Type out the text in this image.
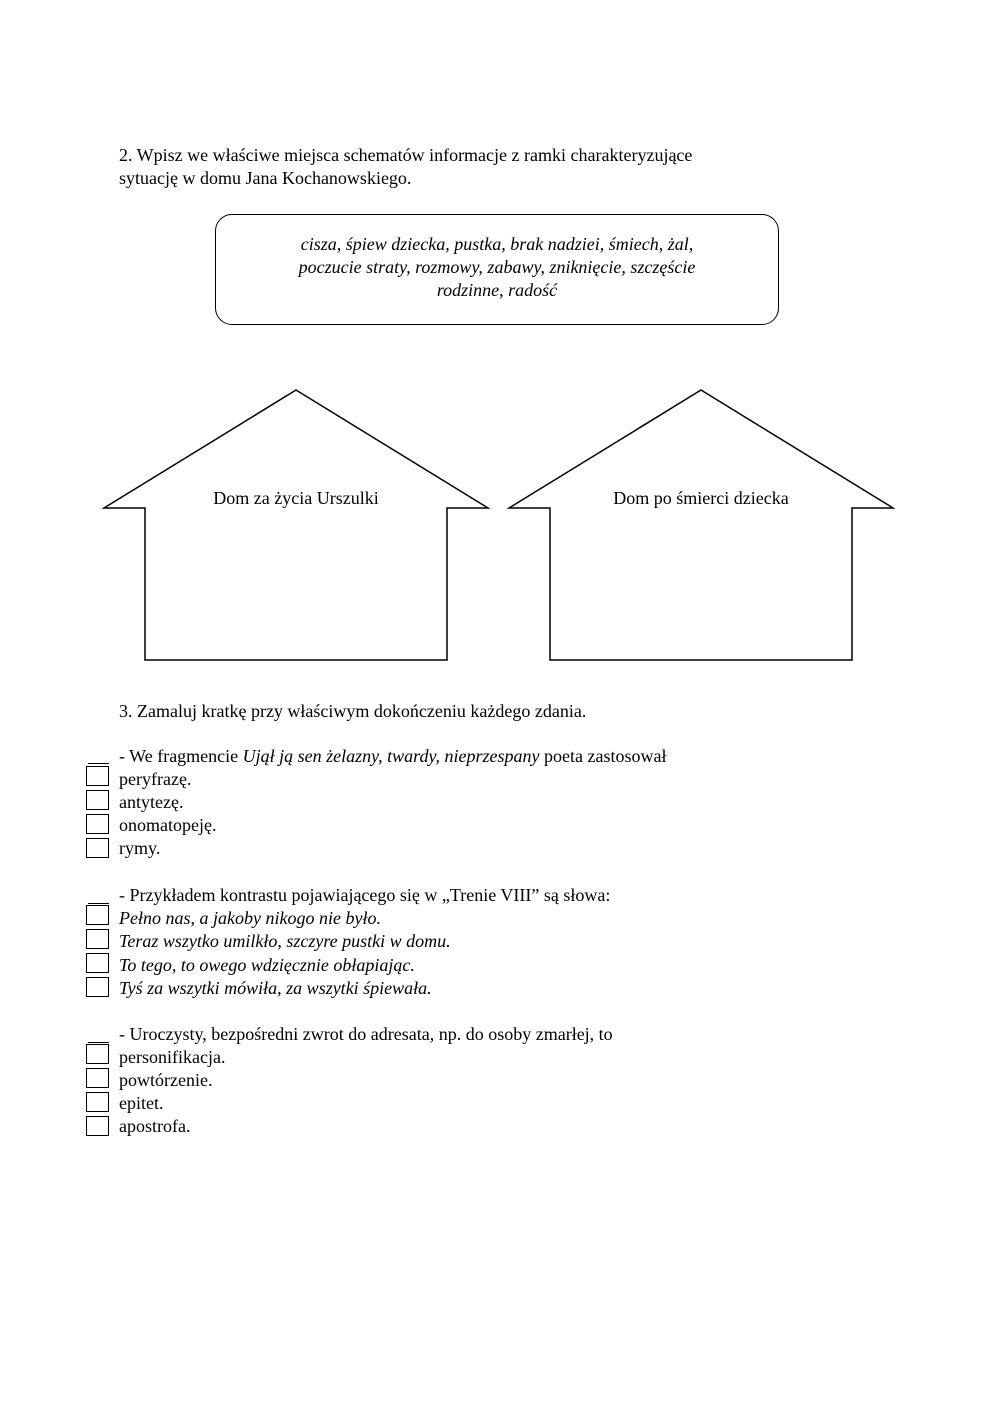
2. Wpisz we właściwe miejsca schematów informacje z ramki charakteryzujące
sytuację w domu Jana Kochanowskiego.
cisza, śpiew dziecka, pustka, brak nadziei, śmiech, żal,
poczucie straty, rozmowy, zabawy, zniknięcie, szczęście
rodzinne, radość
Dom za życia Urszulki	Dom po śmierci dziecka
3. Zamaluj kratkę przy właściwym dokończeniu każdego zdania.
- We fragmencie Ujął ją sen żelazny, twardy, nieprzespany poeta zastosował
peryfrazę.
antytezę.
onomatopeję.
rymy.
- Przykładem kontrastu pojawiającego się w „Trenie VIII” są słowa:
Pełno nas, a jakoby nikogo nie było.
Teraz wszytko umilkło, szczyre pustki w domu.
To tego, to owego wdzięcznie obłapiając.
Tyś za wszytki mówiła, za wszytki śpiewała.
- Uroczysty, bezpośredni zwrot do adresata, np. do osoby zmarłej, to
personifikacja.
powtórzenie.
epitet.
apostrofa.
